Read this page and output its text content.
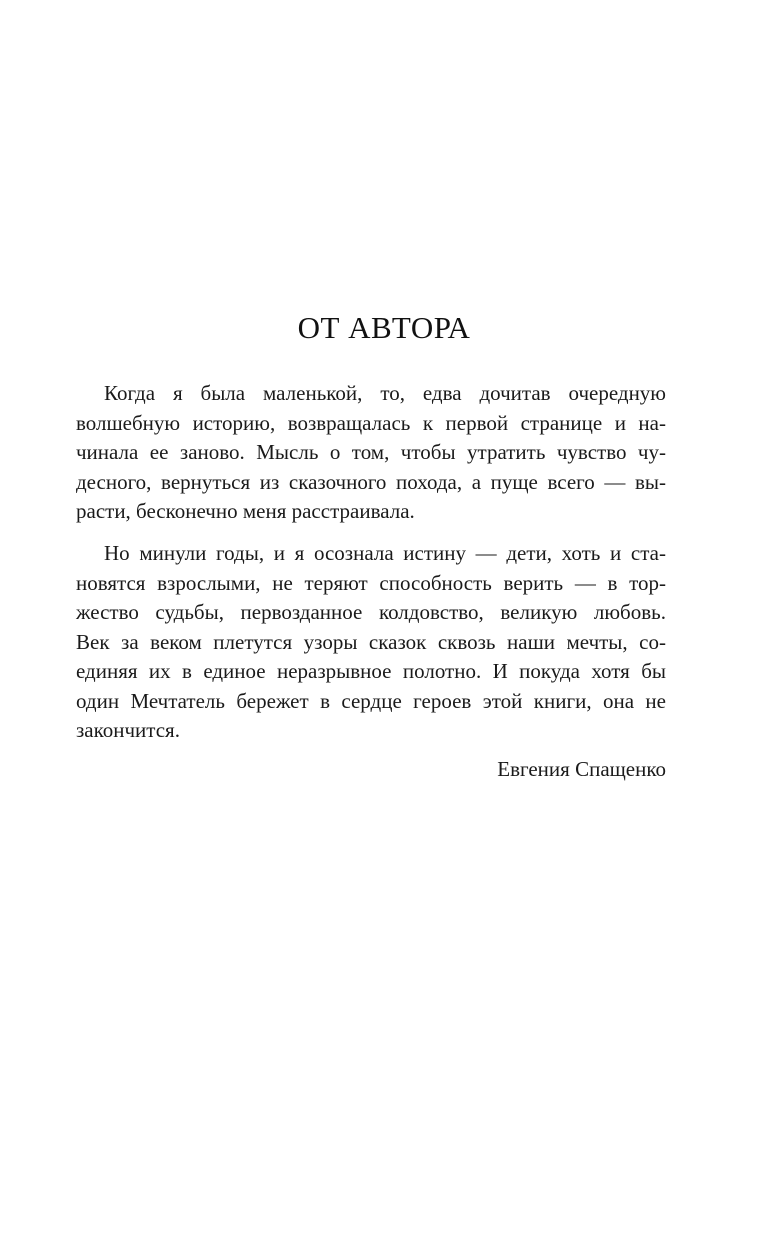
ОТ АВТОРА
Когда я была маленькой, то, едва дочитав очередную
волшебную историю, возвращалась к первой странице и на-
чинала ее заново. Мысль о том, чтобы утратить чувство чу-
десного, вернуться из сказочного похода, а пуще всего — вы-
расти, бесконечно меня расстраивала.
Но минули годы, и я осознала истину — дети, хоть и ста-
новятся взрослыми, не теряют способность верить — в тор-
жество судьбы, первозданное колдовство, великую любовь.
Век за веком плетутся узоры сказок сквозь наши мечты, со-
единяя их в единое неразрывное полотно. И покуда хотя бы
один Мечтатель бережет в сердце героев этой книги, она не
закончится.
Евгения Спащенко
